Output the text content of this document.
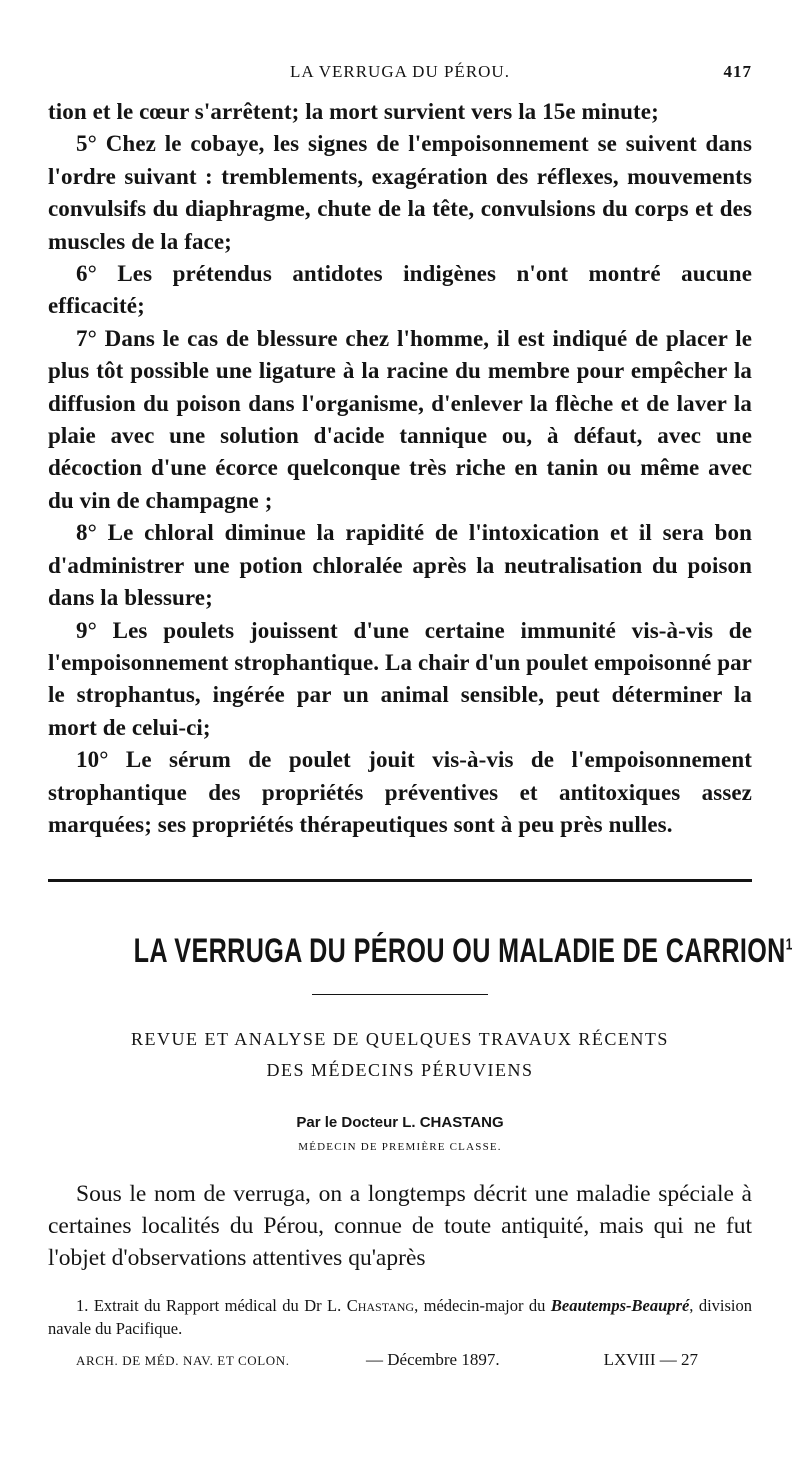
LA VERRUGA DU PÉROU.	417

tion et le cœur s'arrêtent; la mort survient vers la 15e minute;

5° Chez le cobaye, les signes de l'empoisonnement se suivent dans l'ordre suivant : tremblements, exagération des réflexes, mouvements convulsifs du diaphragme, chute de la tête, convulsions du corps et des muscles de la face;

6° Les prétendus antidotes indigènes n'ont montré aucune efficacité;

7° Dans le cas de blessure chez l'homme, il est indiqué de placer le plus tôt possible une ligature à la racine du membre pour empêcher la diffusion du poison dans l'organisme, d'enlever la flèche et de laver la plaie avec une solution d'acide tannique ou, à défaut, avec une décoction d'une écorce quelconque très riche en tanin ou même avec du vin de champagne ;

8° Le chloral diminue la rapidité de l'intoxication et il sera bon d'administrer une potion chloralée après la neutralisation du poison dans la blessure;

9° Les poulets jouissent d'une certaine immunité vis-à-vis de l'empoisonnement strophantique. La chair d'un poulet empoisonné par le strophantus, ingérée par un animal sensible, peut déterminer la mort de celui-ci;

10° Le sérum de poulet jouit vis-à-vis de l'empoisonnement strophantique des propriétés préventives et antitoxiques assez marquées; ses propriétés thérapeutiques sont à peu près nulles.

LA VERRUGA DU PÉROU OU MALADIE DE CARRION$^1$
REVUE ET ANALYSE DE QUELQUES TRAVAUX RÉCENTS
DES MÉDECINS PÉRUVIENS
Par le Docteur L. CHASTANG
MÉDECIN DE PREMIÈRE CLASSE.

Sous le nom de verruga, on a longtemps décrit une maladie spéciale à certaines localités du Pérou, connue de toute antiquité, mais qui ne fut l'objet d'observations attentives qu'après

1. Extrait du Rapport médical du Dr L. Chastang, médecin-major du Beautemps-Beaupré, division navale du Pacifique.

ARCH. DE MÉD. NAV. ET COLON.	— Décembre 1897.	LXVIII — 27
